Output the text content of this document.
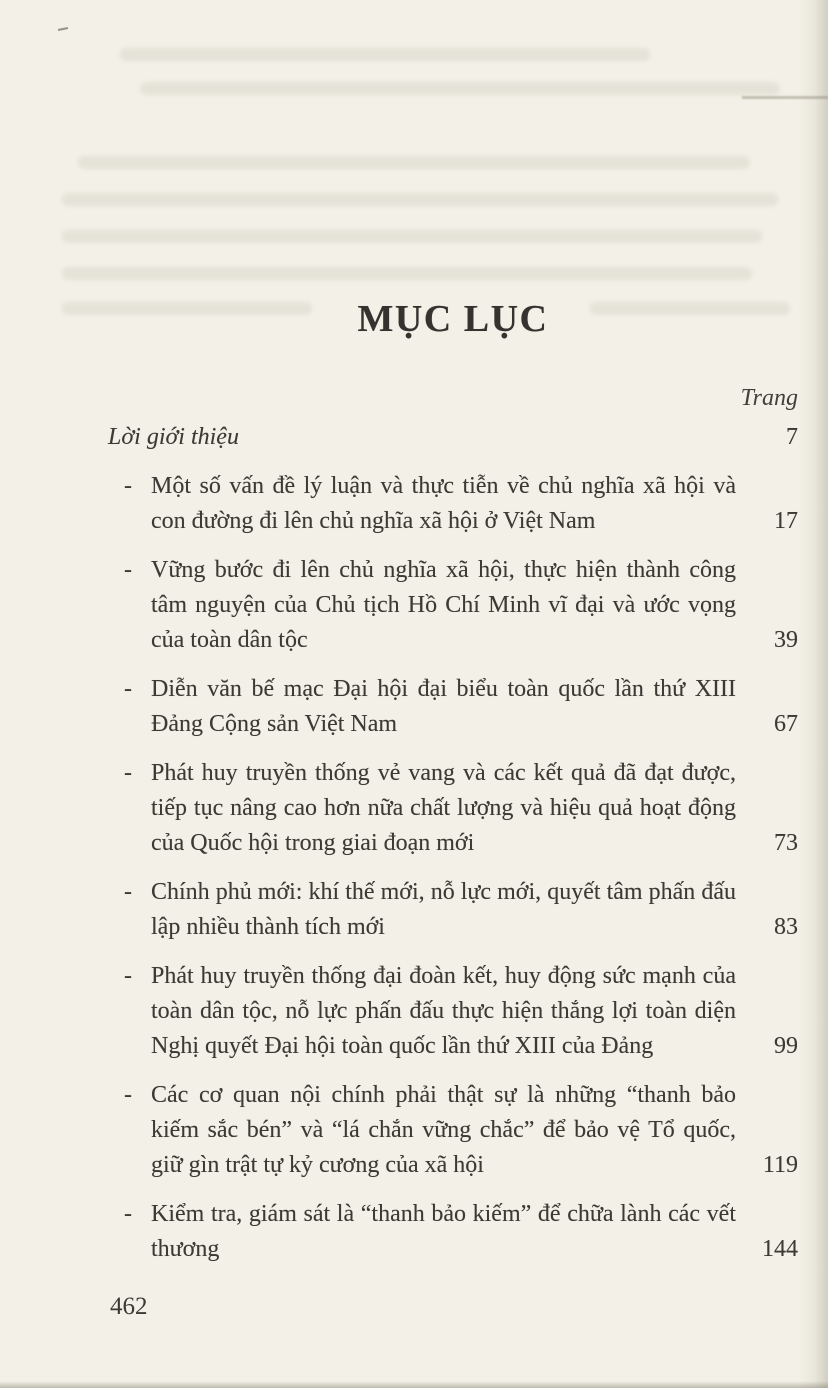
MỤC LỤC
Trang
Lời giới thiệu	7
- Một số vấn đề lý luận và thực tiễn về chủ nghĩa xã hội và con đường đi lên chủ nghĩa xã hội ở Việt Nam	17
- Vững bước đi lên chủ nghĩa xã hội, thực hiện thành công tâm nguyện của Chủ tịch Hồ Chí Minh vĩ đại và ước vọng của toàn dân tộc	39
- Diễn văn bế mạc Đại hội đại biểu toàn quốc lần thứ XIII Đảng Cộng sản Việt Nam	67
- Phát huy truyền thống vẻ vang và các kết quả đã đạt được, tiếp tục nâng cao hơn nữa chất lượng và hiệu quả hoạt động của Quốc hội trong giai đoạn mới	73
- Chính phủ mới: khí thế mới, nỗ lực mới, quyết tâm phấn đấu lập nhiều thành tích mới	83
- Phát huy truyền thống đại đoàn kết, huy động sức mạnh của toàn dân tộc, nỗ lực phấn đấu thực hiện thắng lợi toàn diện Nghị quyết Đại hội toàn quốc lần thứ XIII của Đảng	99
- Các cơ quan nội chính phải thật sự là những “thanh bảo kiếm sắc bén” và “lá chắn vững chắc” để bảo vệ Tổ quốc, giữ gìn trật tự kỷ cương của xã hội	119
- Kiểm tra, giám sát là “thanh bảo kiếm” để chữa lành các vết thương	144
462
